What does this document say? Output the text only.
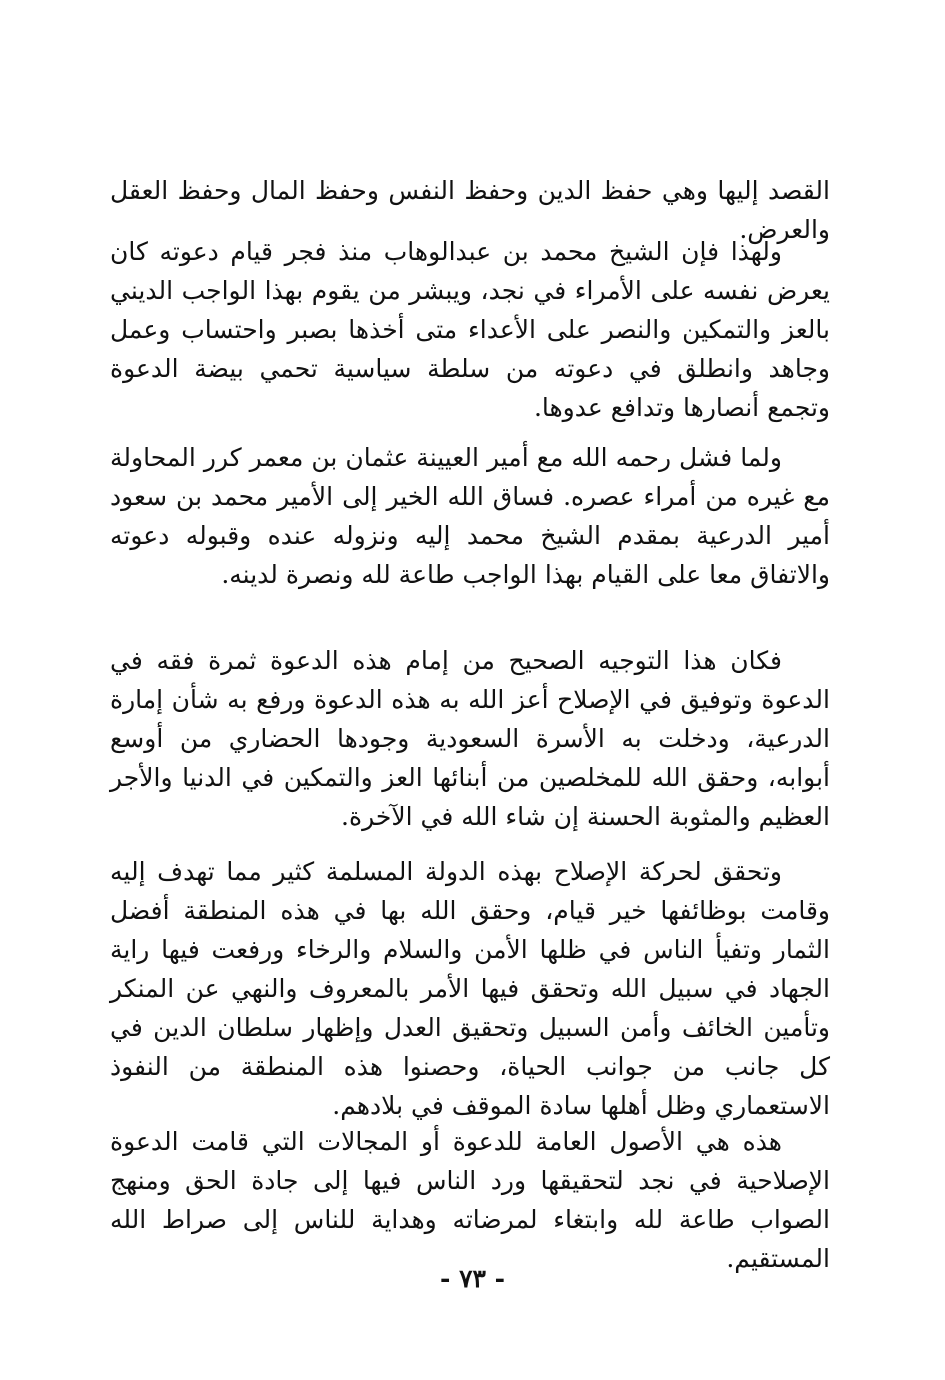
القصد إليها وهي حفظ الدين وحفظ النفس وحفظ المال وحفظ العقل والعرض.

ولهذا فإن الشيخ محمد بن عبدالوهاب منذ فجر قيام دعوته كان يعرض نفسه على الأمراء في نجد، ويبشر من يقوم بهذا الواجب الديني بالعز والتمكين والنصر على الأعداء متى أخذها بصبر واحتساب وعمل وجاهد وانطلق في دعوته من سلطة سياسية تحمي بيضة الدعوة وتجمع أنصارها وتدافع عدوها.

ولما فشل رحمه الله مع أمير العيينة عثمان بن معمر كرر المحاولة مع غيره من أمراء عصره. فساق الله الخير إلى الأمير محمد بن سعود أمير الدرعية بمقدم الشيخ محمد إليه ونزوله عنده وقبوله دعوته والاتفاق معا على القيام بهذا الواجب طاعة لله ونصرة لدينه.

فكان هذا التوجيه الصحيح من إمام هذه الدعوة ثمرة فقه في الدعوة وتوفيق في الإصلاح أعز الله به هذه الدعوة ورفع به شأن إمارة الدرعية، ودخلت به الأسرة السعودية وجودها الحضاري من أوسع أبوابه، وحقق الله للمخلصين من أبنائها العز والتمكين في الدنيا والأجر العظيم والمثوبة الحسنة إن شاء الله في الآخرة.

وتحقق لحركة الإصلاح بهذه الدولة المسلمة كثير مما تهدف إليه وقامت بوظائفها خير قيام، وحقق الله بها في هذه المنطقة أفضل الثمار وتفيأ الناس في ظلها الأمن والسلام والرخاء ورفعت فيها راية الجهاد في سبيل الله وتحقق فيها الأمر بالمعروف والنهي عن المنكر وتأمين الخائف وأمن السبيل وتحقيق العدل وإظهار سلطان الدين في كل جانب من جوانب الحياة، وحصنوا هذه المنطقة من النفوذ الاستعماري وظل أهلها سادة الموقف في بلادهم.

هذه هي الأصول العامة للدعوة أو المجالات التي قامت الدعوة الإصلاحية في نجد لتحقيقها ورد الناس فيها إلى جادة الحق ومنهج الصواب طاعة لله وابتغاء لمرضاته وهداية للناس إلى صراط الله المستقيم.

- ٧٣ -
